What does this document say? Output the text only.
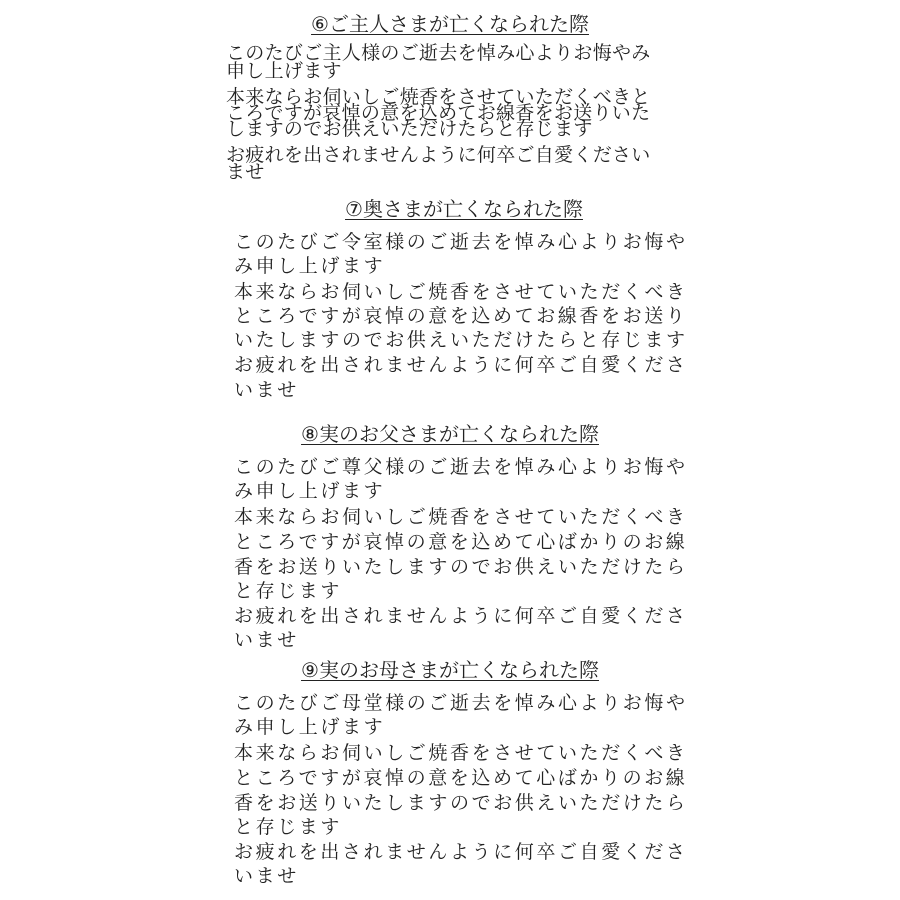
⑥ご主人さまが亡くなられた際
このたびご主人様のご逝去を悼み心よりお悔やみ
申し上げます
本来ならお伺いしご焼香をさせていただくべきと
ころですが哀悼の意を込めてお線香をお送りいた
しますのでお供えいただけたらと存じます
お疲れを出されませんように何卒ご自愛ください
ませ
⑦奥さまが亡くなられた際
このたびご令室様のご逝去を悼み心よりお悔や
み申し上げます
本来ならお伺いしご焼香をさせていただくべき
ところですが哀悼の意を込めてお線香をお送り
いたしますのでお供えいただけたらと存じます
お疲れを出されませんように何卒ご自愛くださ
いませ
⑧実のお父さまが亡くなられた際
このたびご尊父様のご逝去を悼み心よりお悔や
み申し上げます
本来ならお伺いしご焼香をさせていただくべき
ところですが哀悼の意を込めて心ばかりのお線
香をお送りいたしますのでお供えいただけたら
と存じます
お疲れを出されませんように何卒ご自愛くださ
いませ
⑨実のお母さまが亡くなられた際
このたびご母堂様のご逝去を悼み心よりお悔や
み申し上げます
本来ならお伺いしご焼香をさせていただくべき
ところですが哀悼の意を込めて心ばかりのお線
香をお送りいたしますのでお供えいただけたら
と存じます
お疲れを出されませんように何卒ご自愛くださ
いませ
